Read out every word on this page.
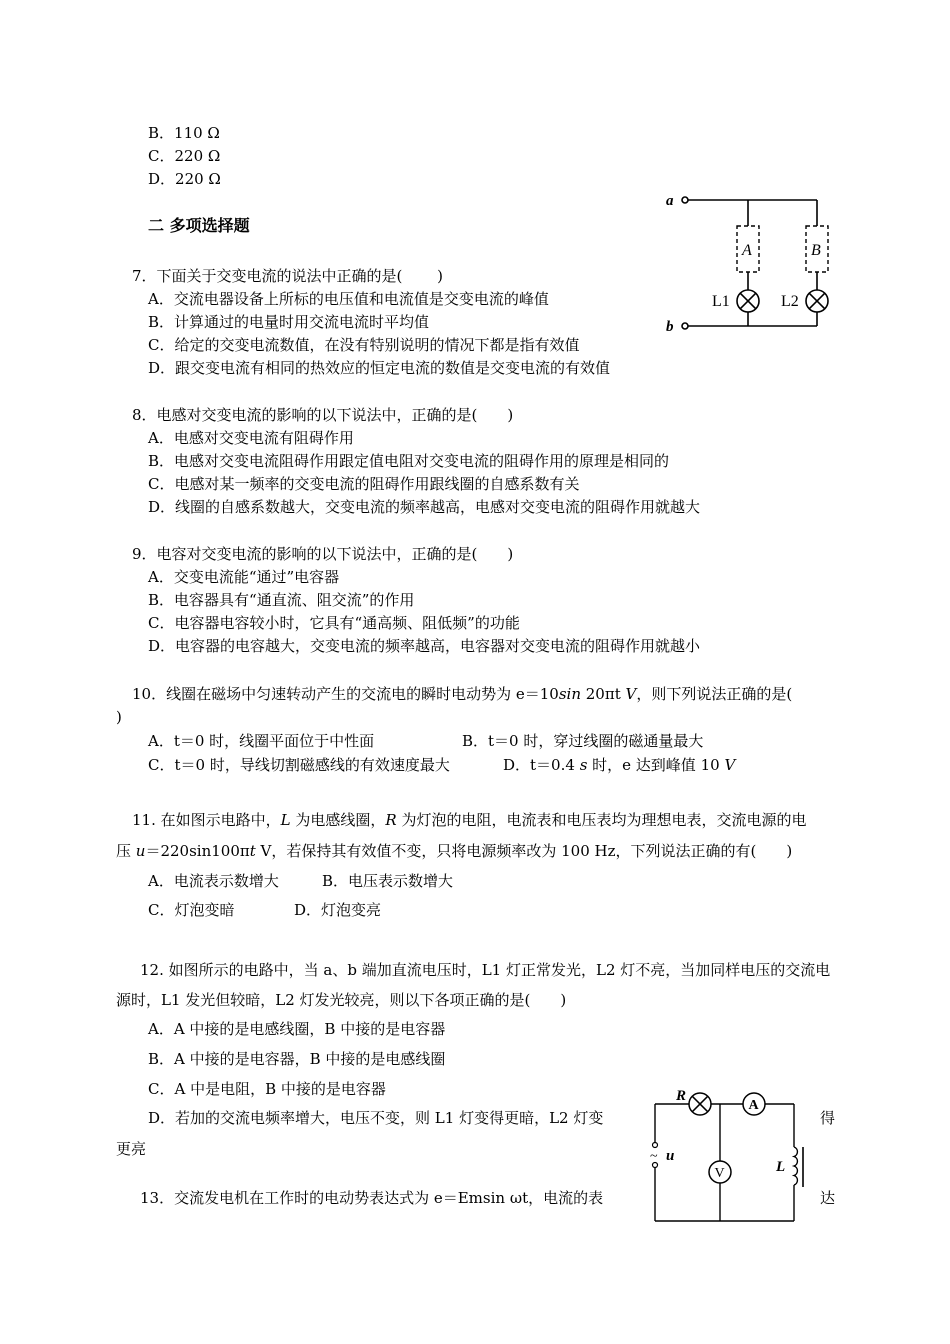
B．110 Ω
C．220 Ω
D．220 Ω
二 多项选择题
7．下面关于交变电流的说法中正确的是(　　 )
A．交流电器设备上所标的电压值和电流值是交变电流的峰值
B．计算通过的电量时用交流电流时平均值
C．给定的交变电流数值，在没有特别说明的情况下都是指有效值
D．跟交变电流有相同的热效应的恒定电流的数值是交变电流的有效值
8．电感对交变电流的影响的以下说法中，正确的是(　　)
A．电感对交变电流有阻碍作用
B．电感对交变电流阻碍作用跟定值电阻对交变电流的阻碍作用的原理是相同的
C．电感对某一频率的交变电流的阻碍作用跟线圈的自感系数有关
D．线圈的自感系数越大，交变电流的频率越高，电感对交变电流的阻碍作用就越大
9．电容对交变电流的影响的以下说法中，正确的是(　　)
A．交变电流能“通过”电容器
B．电容器具有“通直流、阻交流”的作用
C．电容器电容较小时，它具有“通高频、阻低频”的功能
D．电容器的电容越大，交变电流的频率越高，电容器对交变电流的阻碍作用就越小
10．线圈在磁场中匀速转动产生的交流电的瞬时电动势为 e＝10sin 20πt V，则下列说法正确的是(
)
A．t＝0 时，线圈平面位于中性面	B．t＝0 时，穿过线圈的磁通量最大
C．t＝0 时，导线切割磁感线的有效速度最大	D．t＝0.4 s 时，e 达到峰值 10 V
11. 在如图示电路中，L 为电感线圈，R 为灯泡的电阻，电流表和电压表均为理想电表，交流电源的电
压 u＝220sin100πt V，若保持其有效值不变，只将电源频率改为 100 Hz，下列说法正确的有(　　)
A．电流表示数增大	B．电压表示数增大
C．灯泡变暗	D．灯泡变亮
12. 如图所示的电路中，当 a、b 端加直流电压时，L1 灯正常发光，L2 灯不亮，当加同样电压的交流电
源时，L1 发光但较暗，L2 灯发光较亮，则以下各项正确的是(　　)
A．A 中接的是电感线圈，B 中接的是电容器
B．A 中接的是电容器，B 中接的是电感线圈
C．A 中是电阻，B 中接的是电容器
D．若加的交流电频率增大，电压不变，则 L1 灯变得更暗，L2 灯变	得
更亮
13．交流发电机在工作时的电动势表达式为 e＝Emsin ωt，电流的表	达
a
b
A	B
L1	L2
A
V
R
L
~ u
